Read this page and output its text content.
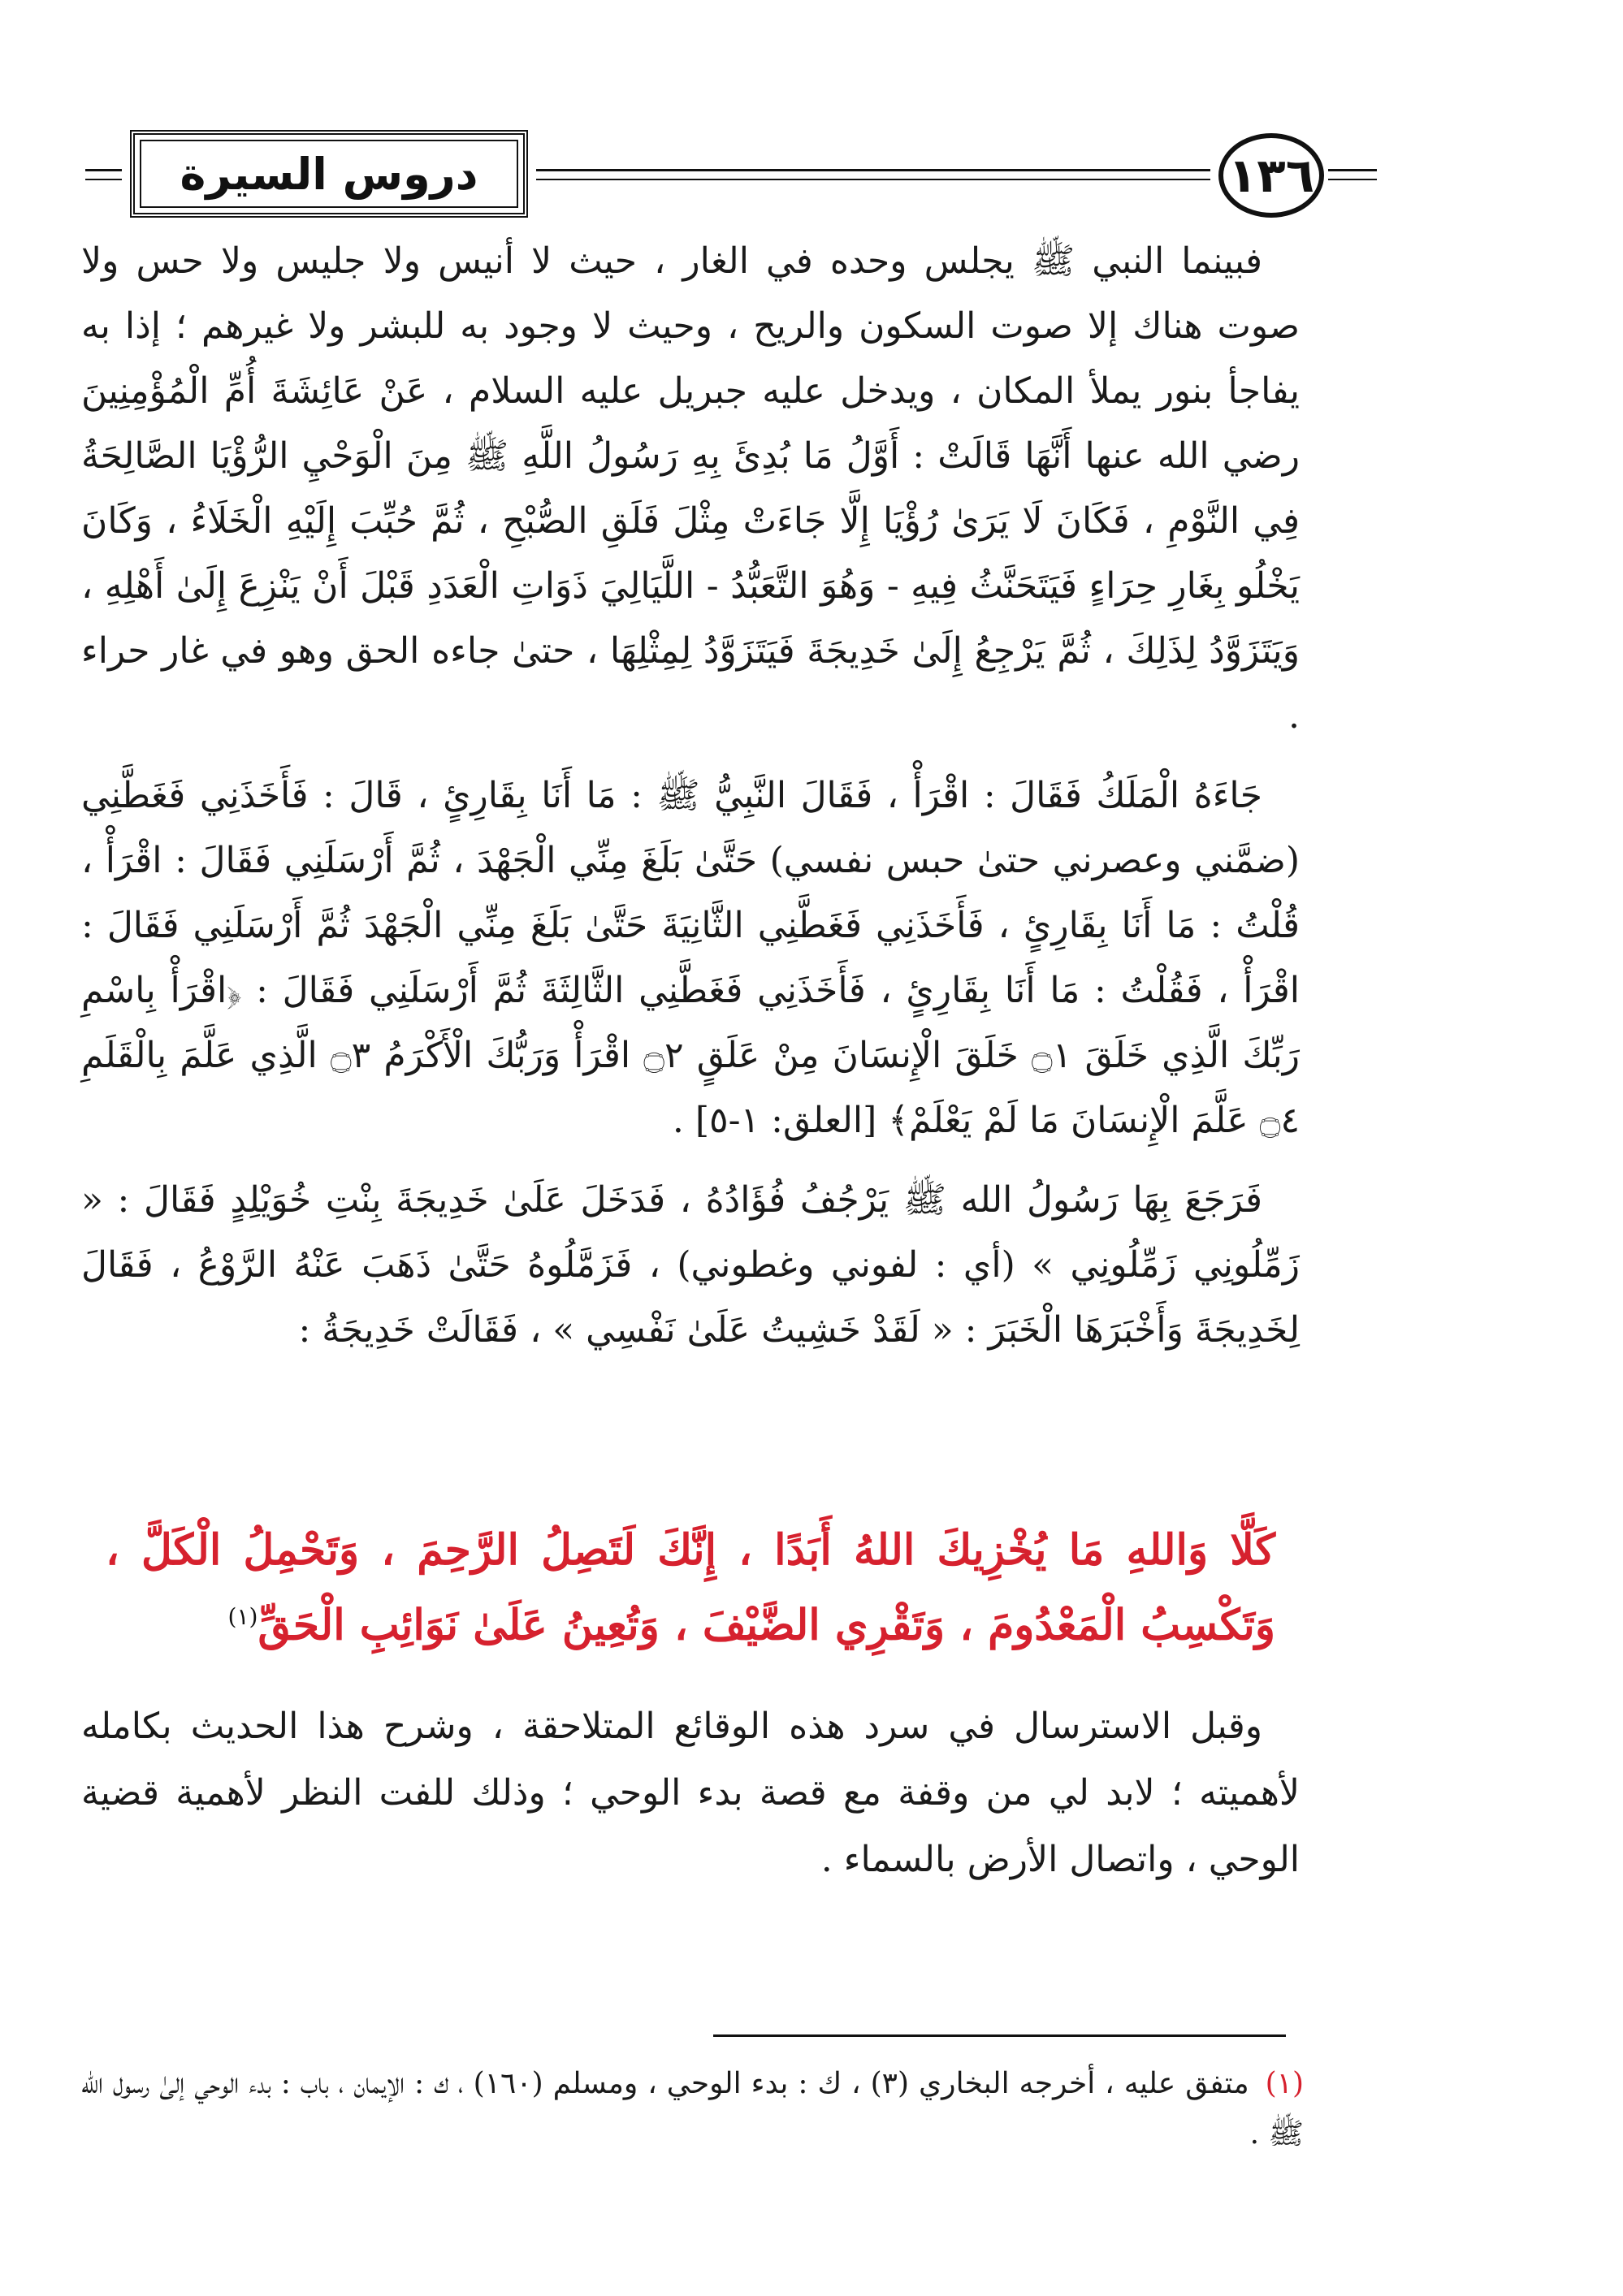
دروس السيرة	١٣٦

فبينما النبي ﷺ يجلس وحده في الغار ، حيث لا أنيس ولا جليس ولا حس ولا صوت هناك إلا صوت السكون والريح ، وحيث لا وجود به للبشر ولا غيرهم ؛ إذا به يفاجأ بنور يملأ المكان ، ويدخل عليه جبريل عليه السلام ، عَنْ عَائِشَةَ أُمِّ الْمُؤْمِنِينَ رضي الله عنها أَنَّهَا قَالَتْ : أَوَّلُ مَا بُدِئَ بِهِ رَسُولُ اللَّهِ ﷺ مِنَ الْوَحْيِ الرُّؤْيَا الصَّالِحَةُ فِي النَّوْمِ ، فَكَانَ لَا يَرَىٰ رُؤْيَا إِلَّا جَاءَتْ مِثْلَ فَلَقِ الصُّبْحِ ، ثُمَّ حُبِّبَ إِلَيْهِ الْخَلَاءُ ، وَكَانَ يَخْلُو بِغَارِ حِرَاءٍ فَيَتَحَنَّثُ فِيهِ - وَهُوَ التَّعَبُّدُ - اللَّيَالِيَ ذَوَاتِ الْعَدَدِ قَبْلَ أَنْ يَنْزِعَ إِلَىٰ أَهْلِهِ ، وَيَتَزَوَّدُ لِذَلِكَ ، ثُمَّ يَرْجِعُ إِلَىٰ خَدِيجَةَ فَيَتَزَوَّدُ لِمِثْلِهَا ، حتىٰ جاءه الحق وهو في غار حراء .

جَاءَهُ الْمَلَكُ فَقَالَ : اقْرَأْ ، فَقَالَ النَّبِيُّ ﷺ : مَا أَنَا بِقَارِئٍ ، قَالَ : فَأَخَذَنِي فَغَطَّنِي (ضمَّني وعصرني حتىٰ حبس نفسي) حَتَّىٰ بَلَغَ مِنِّي الْجَهْدَ ، ثُمَّ أَرْسَلَنِي فَقَالَ : اقْرَأْ ، قُلْتُ : مَا أَنَا بِقَارِئٍ ، فَأَخَذَنِي فَغَطَّنِي الثَّانِيَةَ حَتَّىٰ بَلَغَ مِنِّي الْجَهْدَ ثُمَّ أَرْسَلَنِي فَقَالَ : اقْرَأْ ، فَقُلْتُ : مَا أَنَا بِقَارِئٍ ، فَأَخَذَنِي فَغَطَّنِي الثَّالِثَةَ ثُمَّ أَرْسَلَنِي فَقَالَ : ﴿اقْرَأْ بِاسْمِ رَبِّكَ الَّذِي خَلَقَ ۝١ خَلَقَ الْإِنسَانَ مِنْ عَلَقٍ ۝٢ اقْرَأْ وَرَبُّكَ الْأَكْرَمُ ۝٣ الَّذِي عَلَّمَ بِالْقَلَمِ ۝٤ عَلَّمَ الْإِنسَانَ مَا لَمْ يَعْلَمْ﴾ [العلق: ١-٥] .

فَرَجَعَ بِهَا رَسُولُ الله ﷺ يَرْجُفُ فُؤَادُهُ ، فَدَخَلَ عَلَىٰ خَدِيجَةَ بِنْتِ خُوَيْلِدٍ فَقَالَ : « زَمِّلُونِي زَمِّلُونِي » (أي : لفوني وغطوني) ، فَزَمَّلُوهُ حَتَّىٰ ذَهَبَ عَنْهُ الرَّوْعُ ، فَقَالَ لِخَدِيجَةَ وَأَخْبَرَهَا الْخَبَرَ : « لَقَدْ خَشِيتُ عَلَىٰ نَفْسِي » ، فَقَالَتْ خَدِيجَةُ :

كَلَّا وَاللهِ مَا يُخْزِيكَ اللهُ أَبَدًا ، إِنَّكَ لَتَصِلُ الرَّحِمَ ، وَتَحْمِلُ الْكَلَّ ، وَتَكْسِبُ الْمَعْدُومَ ، وَتَقْرِي الضَّيْفَ ، وَتُعِينُ عَلَىٰ نَوَائِبِ الْحَقِّ$^{(١)}$

وقبل الاسترسال في سرد هذه الوقائع المتلاحقة ، وشرح هذا الحديث بكامله لأهميته ؛ لابد لي من وقفة مع قصة بدء الوحي ؛ وذلك للفت النظر لأهمية قضية الوحي ، واتصال الأرض بالسماء .

(١) متفق عليه ، أخرجه البخاري (٣) ، ك : بدء الوحي ، ومسلم (١٦٠) ، ك : الإيمان ، باب : بدء الوحي إلىٰ رسول الله ﷺ .
